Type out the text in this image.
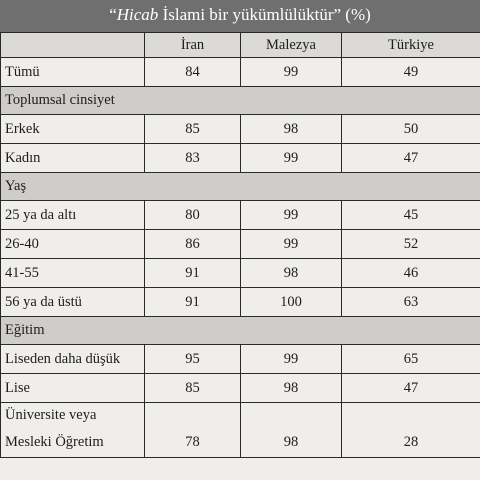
“Hicab İslami bir yükümlülüktür” (%)
	İran	Malezya	Türkiye
Tümü	84	99	49
Toplumsal cinsiyet			
Erkek	85	98	50
Kadın	83	99	47
Yaş			
25 ya da altı	80	99	45
26-40	86	99	52
41-55	91	98	46
56 ya da üstü	91	100	63
Eğitim			
Liseden daha düşük	95	99	65
Lise	85	98	47
Üniversite veya			
Mesleki Öğretim	78	98	28
